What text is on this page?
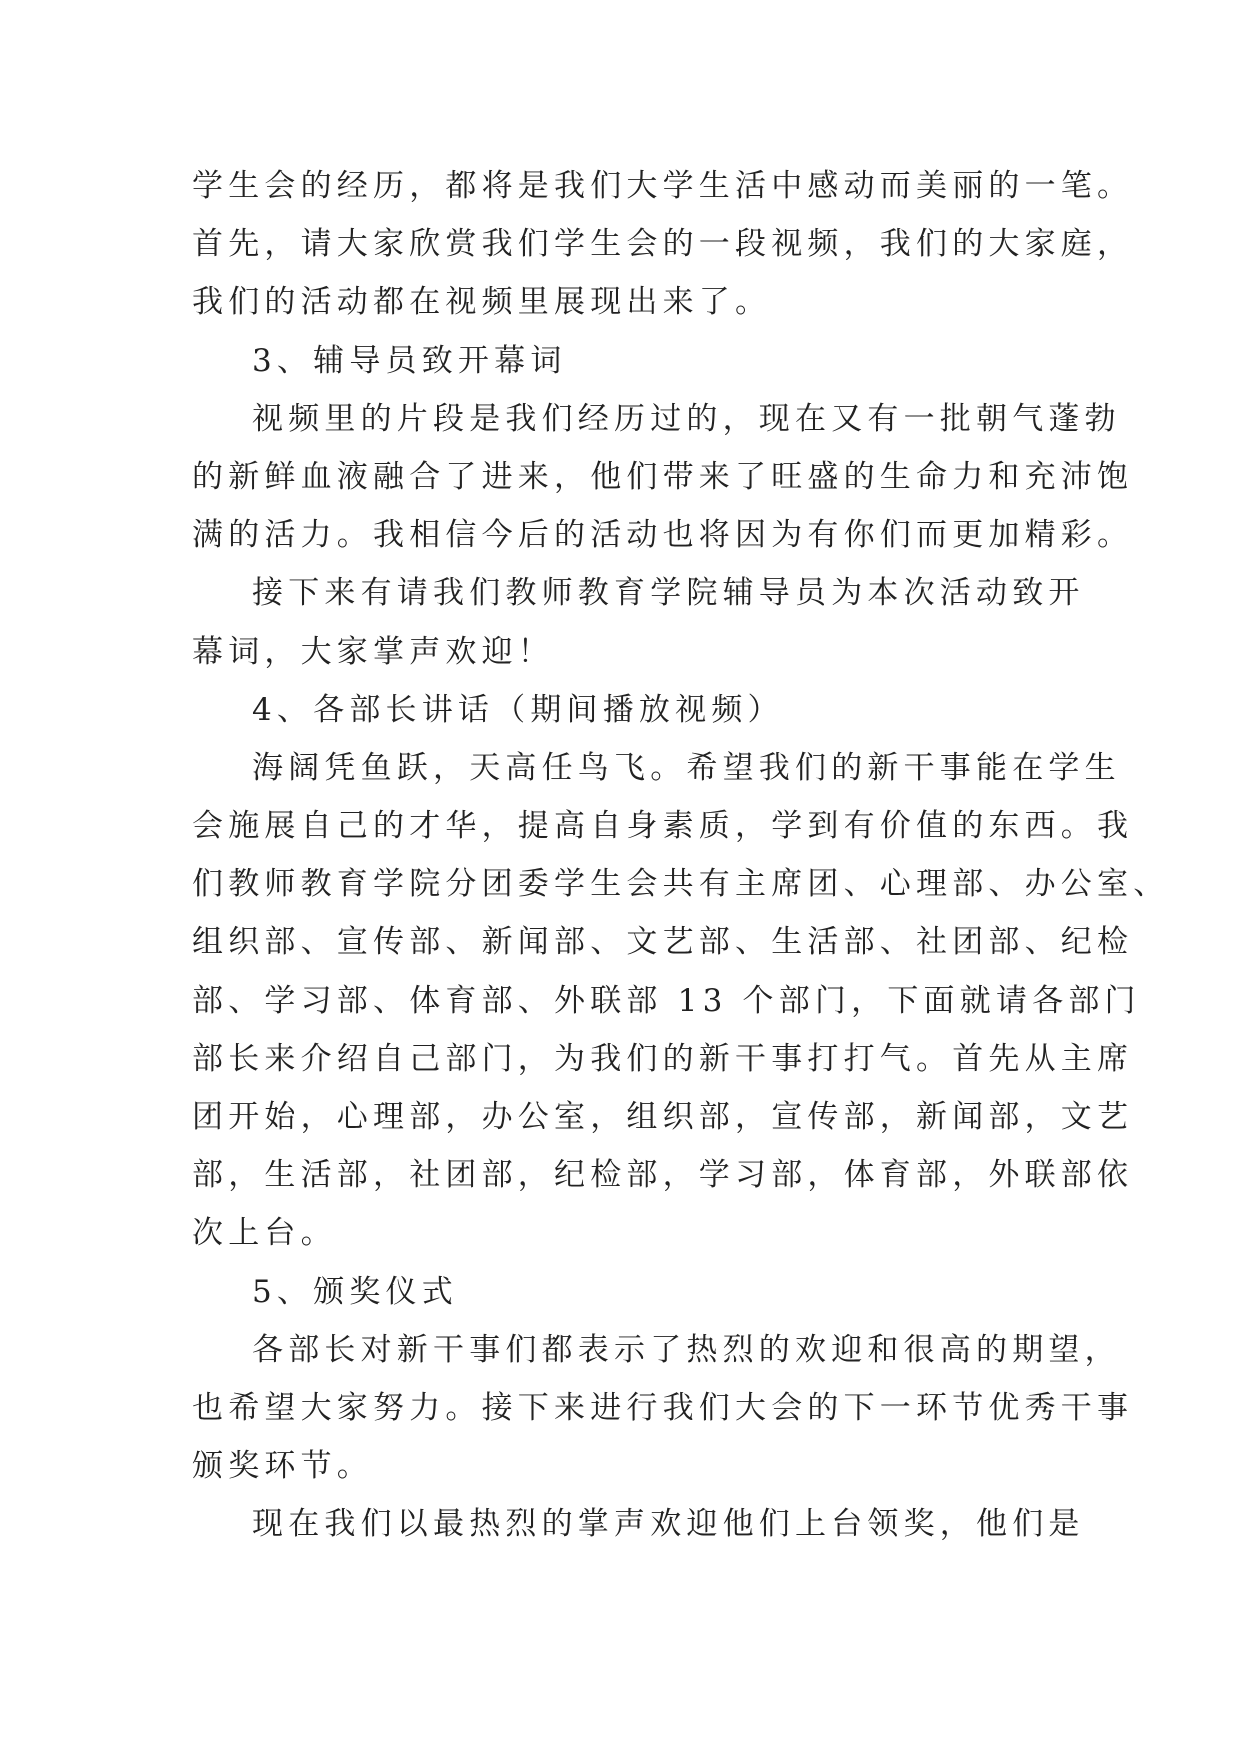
学生会的经历，都将是我们大学生活中感动而美丽的一笔。
首先，请大家欣赏我们学生会的一段视频，我们的大家庭，
我们的活动都在视频里展现出来了。
3、辅导员致开幕词
视频里的片段是我们经历过的，现在又有一批朝气蓬勃
的新鲜血液融合了进来，他们带来了旺盛的生命力和充沛饱
满的活力。我相信今后的活动也将因为有你们而更加精彩。
接下来有请我们教师教育学院辅导员为本次活动致开
幕词，大家掌声欢迎！
4、各部长讲话（期间播放视频）
海阔凭鱼跃，天高任鸟飞。希望我们的新干事能在学生
会施展自己的才华，提高自身素质，学到有价值的东西。我
们教师教育学院分团委学生会共有主席团、心理部、办公室、
组织部、宣传部、新闻部、文艺部、生活部、社团部、纪检
部、学习部、体育部、外联部 13 个部门，下面就请各部门
部长来介绍自己部门，为我们的新干事打打气。首先从主席
团开始，心理部，办公室，组织部，宣传部，新闻部，文艺
部，生活部，社团部，纪检部，学习部，体育部，外联部依
次上台。
5、颁奖仪式
各部长对新干事们都表示了热烈的欢迎和很高的期望，
也希望大家努力。接下来进行我们大会的下一环节优秀干事
颁奖环节。
现在我们以最热烈的掌声欢迎他们上台领奖，他们是
